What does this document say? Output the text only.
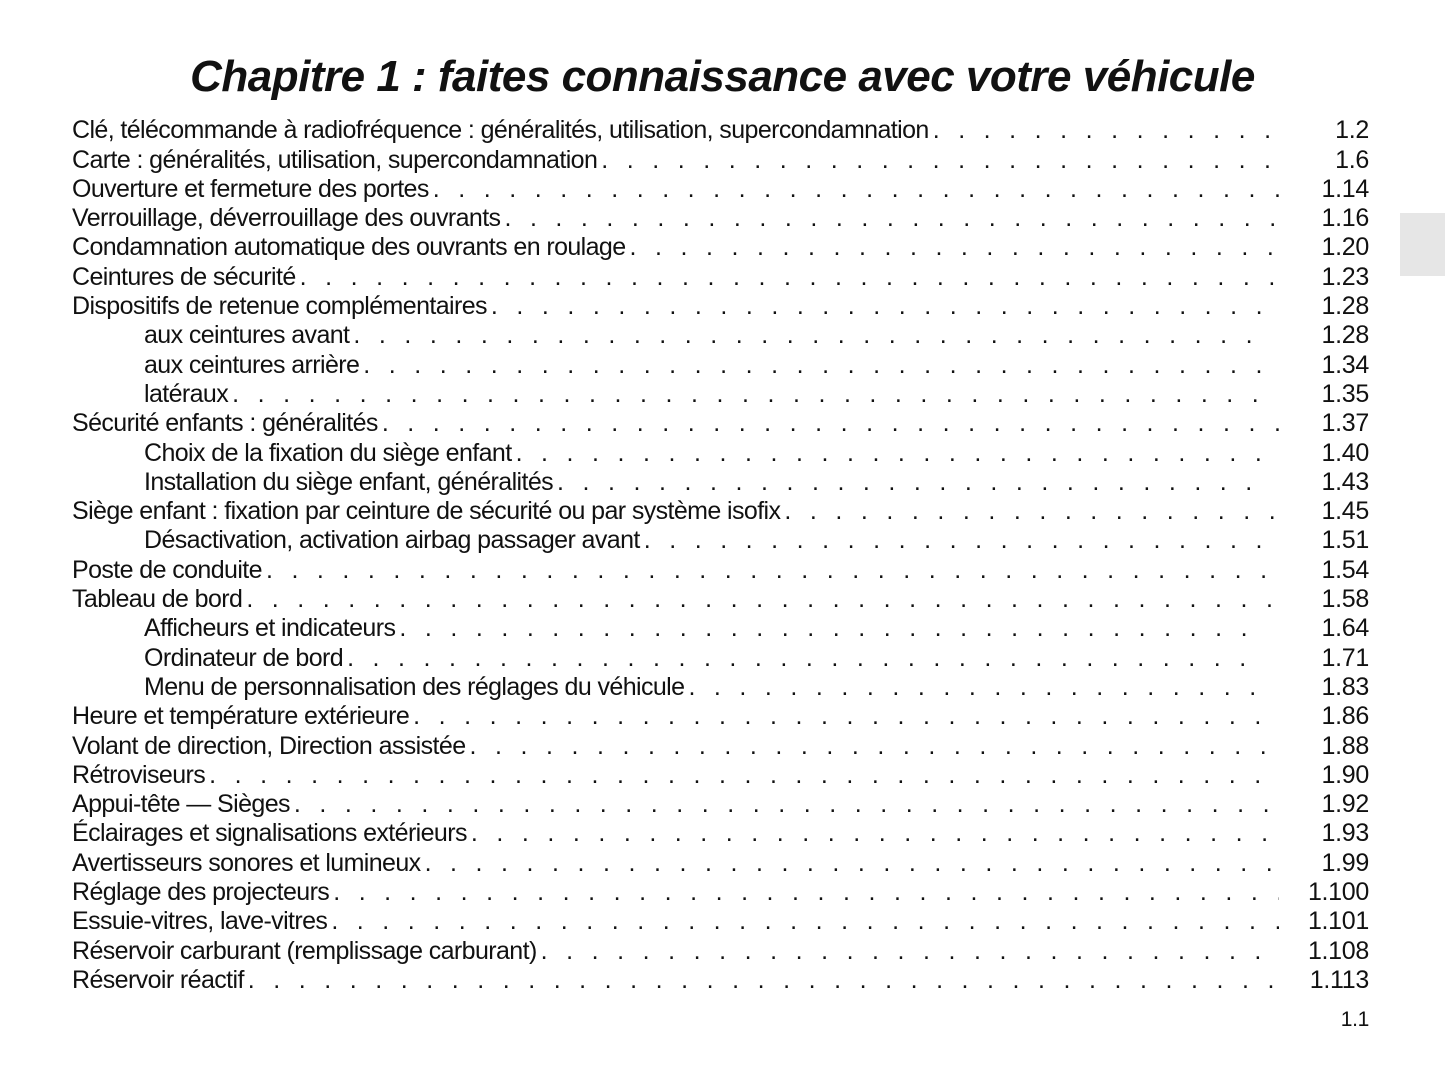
Chapitre 1 : faites connaissance avec votre véhicule
Clé, télécommande à radiofréquence : généralités, utilisation, supercondamnation . . .	1.2
Carte : généralités, utilisation, supercondamnation . . .	1.6
Ouverture et fermeture des portes . . .	1.14
Verrouillage, déverrouillage des ouvrants . . .	1.16
Condamnation automatique des ouvrants en roulage . . .	1.20
Ceintures de sécurité . . .	1.23
Dispositifs de retenue complémentaires . . .	1.28
aux ceintures avant . . .	1.28
aux ceintures arrière . . .	1.34
latéraux . . .	1.35
Sécurité enfants : généralités . . .	1.37
Choix de la fixation du siège enfant . . .	1.40
Installation du siège enfant, généralités . . .	1.43
Siège enfant : fixation par ceinture de sécurité ou par système isofix . . .	1.45
Désactivation, activation airbag passager avant . . .	1.51
Poste de conduite . . .	1.54
Tableau de bord . . .	1.58
Afficheurs et indicateurs . . .	1.64
Ordinateur de bord . . .	1.71
Menu de personnalisation des réglages du véhicule . . .	1.83
Heure et température extérieure . . .	1.86
Volant de direction, Direction assistée . . .	1.88
Rétroviseurs . . .	1.90
Appui-tête — Sièges . . .	1.92
Éclairages et signalisations extérieurs . . .	1.93
Avertisseurs sonores et lumineux . . .	1.99
Réglage des projecteurs . . .	1.100
Essuie-vitres, lave-vitres . . .	1.101
Réservoir carburant (remplissage carburant) . . .	1.108
Réservoir réactif . . .	1.113
1.1
